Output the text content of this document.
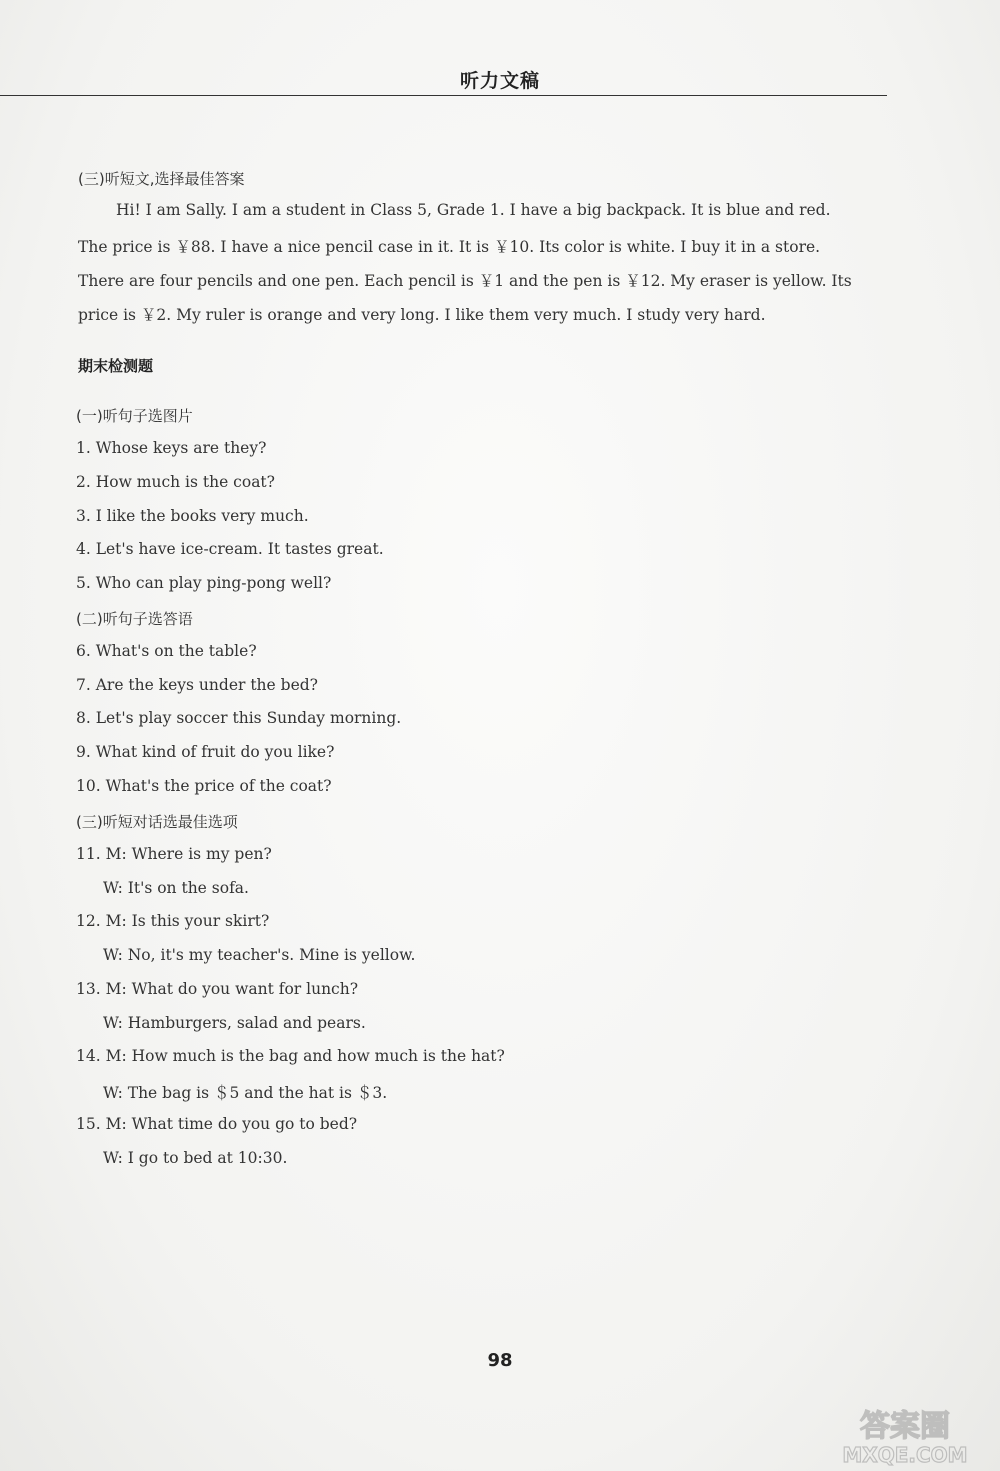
听力文稿
(三)听短文,选择最佳答案
Hi! I am Sally. I am a student in Class 5, Grade 1. I have a big backpack. It is blue and red.
The price is ￥88. I have a nice pencil case in it. It is ￥10. Its color is white. I buy it in a store.
There are four pencils and one pen. Each pencil is ￥1 and the pen is ￥12. My eraser is yellow. Its
price is ￥2. My ruler is orange and very long. I like them very much. I study very hard.
期末检测题
(一)听句子选图片
1. Whose keys are they?
2. How much is the coat?
3. I like the books very much.
4. Let's have ice-cream. It tastes great.
5. Who can play ping-pong well?
(二)听句子选答语
6. What's on the table?
7. Are the keys under the bed?
8. Let's play soccer this Sunday morning.
9. What kind of fruit do you like?
10. What's the price of the coat?
(三)听短对话选最佳选项
11. M: Where is my pen?
W: It's on the sofa.
12. M: Is this your skirt?
W: No, it's my teacher's. Mine is yellow.
13. M: What do you want for lunch?
W: Hamburgers, salad and pears.
14. M: How much is the bag and how much is the hat?
W: The bag is ＄5 and the hat is ＄3.
15. M: What time do you go to bed?
W: I go to bed at 10:30.
98
答案圈
MXQE.COM
